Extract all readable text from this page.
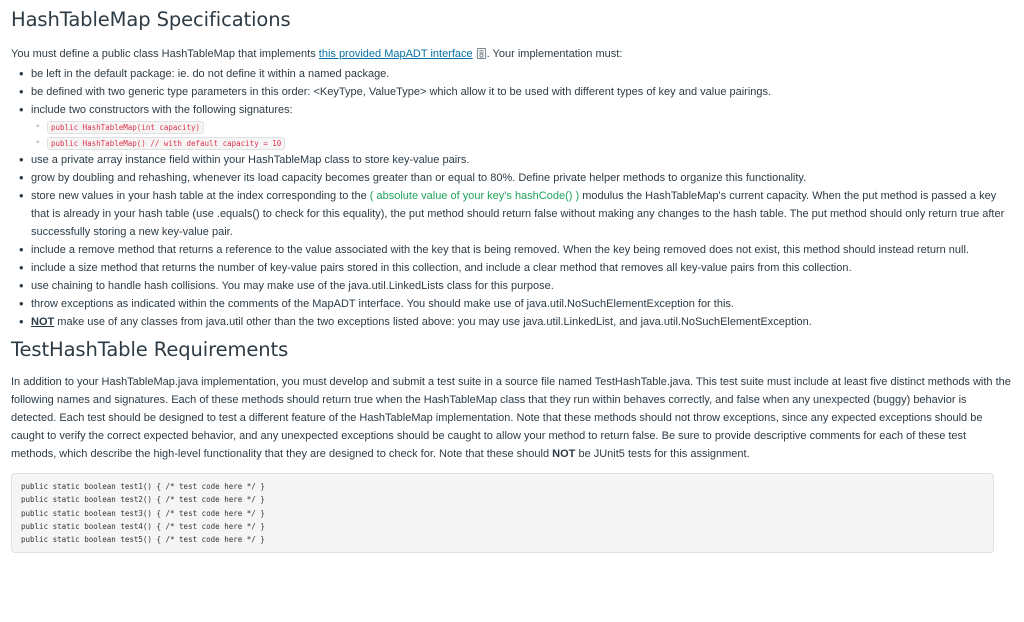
HashTableMap Specifications

You must define a public class HashTableMap that implements this provided MapADT interface . Your implementation must:

• be left in the default package: ie. do not define it within a named package.
• be defined with two generic type parameters in this order: <KeyType, ValueType> which allow it to be used with different types of key and value pairings.
• include two constructors with the following signatures:
◦ public HashTableMap(int capacity)
◦ public HashTableMap() // with default capacity = 10
• use a private array instance field within your HashTableMap class to store key-value pairs.
• grow by doubling and rehashing, whenever its load capacity becomes greater than or equal to 80%. Define private helper methods to organize this functionality.
• store new values in your hash table at the index corresponding to the ( absolute value of your key's hashCode() ) modulus the HashTableMap's current capacity. When the put method is passed a key that is already in your hash table (use .equals() to check for this equality), the put method should return false without making any changes to the hash table. The put method should only return true after successfully storing a new key-value pair.
• include a remove method that returns a reference to the value associated with the key that is being removed. When the key being removed does not exist, this method should instead return null.
• include a size method that returns the number of key-value pairs stored in this collection, and include a clear method that removes all key-value pairs from this collection.
• use chaining to handle hash collisions. You may make use of the java.util.LinkedLists class for this purpose.
• throw exceptions as indicated within the comments of the MapADT interface. You should make use of java.util.NoSuchElementException for this.
• NOT make use of any classes from java.util other than the two exceptions listed above: you may use java.util.LinkedList, and java.util.NoSuchElementException.
TestHashTable Requirements

In addition to your HashTableMap.java implementation, you must develop and submit a test suite in a source file named TestHashTable.java. This test suite must include at least five distinct methods with the following names and signatures. Each of these methods should return true when the HashTableMap class that they run within behaves correctly, and false when any unexpected (buggy) behavior is detected. Each test should be designed to test a different feature of the HashTableMap implementation. Note that these methods should not throw exceptions, since any expected exceptions should be caught to verify the correct expected behavior, and any unexpected exceptions should be caught to allow your method to return false. Be sure to provide descriptive comments for each of these test methods, which describe the high-level functionality that they are designed to check for. Note that these should NOT be JUnit5 tests for this assignment.

public static boolean test1() { /* test code here */ }
public static boolean test2() { /* test code here */ }
public static boolean test3() { /* test code here */ }
public static boolean test4() { /* test code here */ }
public static boolean test5() { /* test code here */ }
